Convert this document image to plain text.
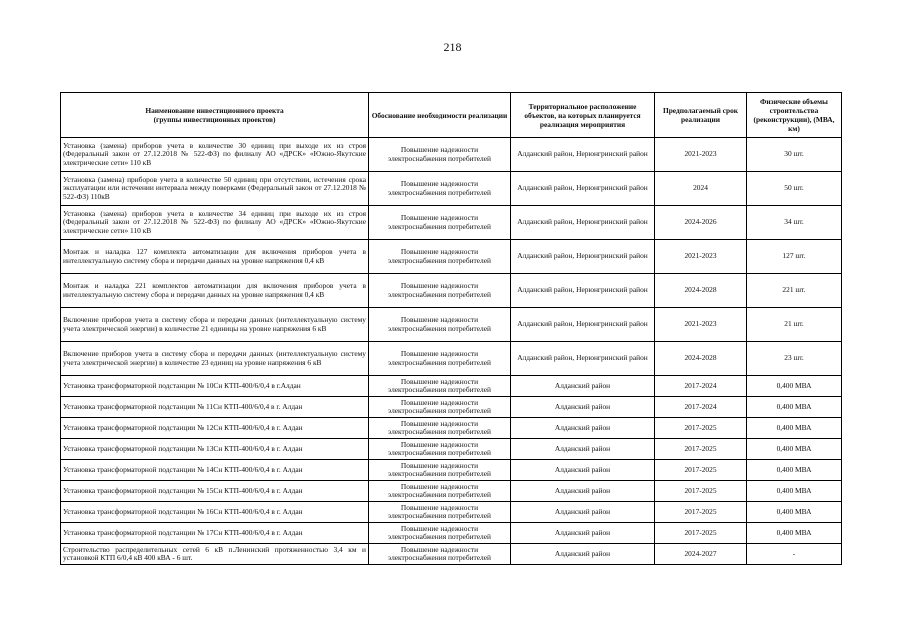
218
Наименование инвестиционного проекта
(группы инвестиционных проектов)	Обоснование необходимости реализации	Территориальное расположение объектов, на которых планируется реализация мероприятия	Предполагаемый срок реализации	Физические объемы строительства (реконструкции), (МВА, км)
Установка (замена) приборов учета в количестве 30 единиц при выходе их из строя (Федеральный закон от 27.12.2018 № 522-ФЗ) по филиалу АО «ДРСК» «Южно-Якутские электрические сети» 110 кВ	Повышение надежности электроснабжения потребителей	Алданский район, Нерюнгринский район	2021-2023	30 шт.
Установка (замена) приборов учета в количестве 50 единиц при отсутствии, истечения срока эксплуатации или истечении интервала между поверками (Федеральный закон от 27.12.2018 № 522-ФЗ) 110кВ	Повышение надежности электроснабжения потребителей	Алданский район, Нерюнгринский район	2024	50 шт.
Установка (замена) приборов учета в количестве 34 единиц при выходе их из строя (Федеральный закон от 27.12.2018 № 522-ФЗ) по филиалу АО «ДРСК» «Южно-Якутские электрические сети» 110 кВ	Повышение надежности электроснабжения потребителей	Алданский район, Нерюнгринский район	2024-2026	34 шт.
Монтаж и наладка 127 комплекта автоматизации для включения приборов учета в интеллектуальную систему сбора и передачи данных на уровне напряжения 0,4 кВ	Повышение надежности электроснабжения потребителей	Алданский район, Нерюнгринский район	2021-2023	127 шт.
Монтаж и наладка 221 комплектов автоматизации для включения приборов учета в интеллектуальную систему сбора и передачи данных на уровне напряжения 0,4 кВ	Повышение надежности электроснабжения потребителей	Алданский район, Нерюнгринский район	2024-2028	221 шт.
Включение приборов учета в систему сбора и передачи данных (интеллектуальную систему учета электрической энергии) в количестве 21 единицы на уровне напряжения 6 кВ	Повышение надежности электроснабжения потребителей	Алданский район, Нерюнгринский район	2021-2023	21 шт.
Включение приборов учета в систему сбора и передачи данных (интеллектуальную систему учета электрической энергии) в количестве 23 единиц на уровне напряжения 6 кВ	Повышение надежности электроснабжения потребителей	Алданский район, Нерюнгринский район	2024-2028	23 шт.
Установка трансформаторной подстанции № 10Сн КТП-400/6/0,4 в г.Алдан	Повышение надежности электроснабжения потребителей	Алданский район	2017-2024	0,400 МВА
Установка трансформаторной подстанции № 11Сн КТП-400/6/0,4 в г. Алдан	Повышение надежности электроснабжения потребителей	Алданский район	2017-2024	0,400 МВА
Установка трансформаторной подстанции № 12Сн КТП-400/6/0,4 в г. Алдан	Повышение надежности электроснабжения потребителей	Алданский район	2017-2025	0,400 МВА
Установка трансформаторной подстанции № 13Сн КТП-400/6/0,4 в г. Алдан	Повышение надежности электроснабжения потребителей	Алданский район	2017-2025	0,400 МВА
Установка трансформаторной подстанции № 14Сн КТП-400/6/0,4 в г. Алдан	Повышение надежности электроснабжения потребителей	Алданский район	2017-2025	0,400 МВА
Установка трансформаторной подстанции № 15Сн КТП-400/6/0,4 в г. Алдан	Повышение надежности электроснабжения потребителей	Алданский район	2017-2025	0,400 МВА
Установка трансформаторной подстанции № 16Сн КТП-400/6/0,4 в г. Алдан	Повышение надежности электроснабжения потребителей	Алданский район	2017-2025	0,400 МВА
Установка трансформаторной подстанции № 17Сн КТП-400/6/0,4 в г. Алдан	Повышение надежности электроснабжения потребителей	Алданский район	2017-2025	0,400 МВА
Строительство распределительных сетей 6 кВ п.Ленинский протяженностью 3,4 км и установкой КТП 6/0,4 кВ 400 кВА - 6 шт.	Повышение надежности электроснабжения потребителей	Алданский район	2024-2027	-
